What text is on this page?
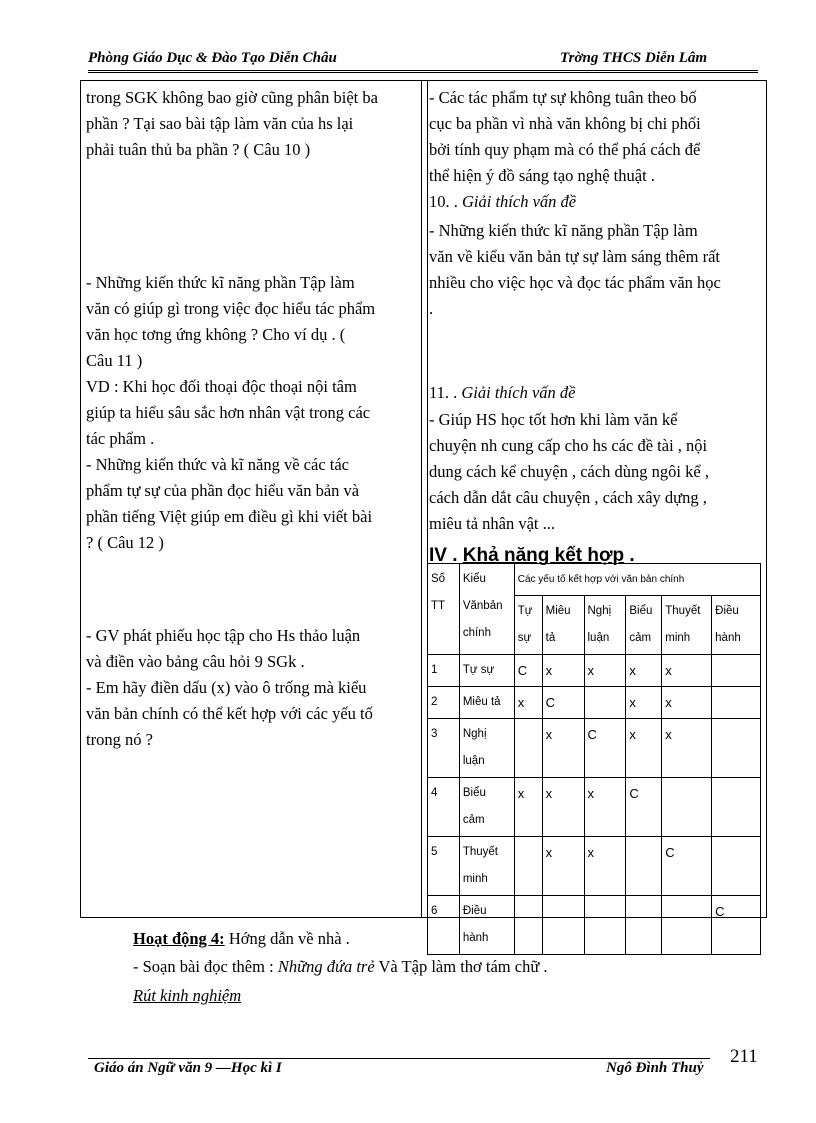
Phòng Giáo Dục & Đào Tạo Diễn Châu	Trờng THCS Diễn Lâm
trong SGK không bao giờ cũng phân biệt ba
phần ? Tại sao bài tập làm văn của hs lại
phải tuân thủ ba phần ? ( Câu 10 )
- Những kiến thức kĩ năng phần Tập làm
văn có giúp gì trong việc đọc hiểu tác phẩm
văn học tơng ứng không ? Cho ví dụ . (
Câu 11 )
VD : Khi học đối thoại độc thoại nội tâm
giúp ta hiểu sâu sắc hơn nhân vật trong các
tác phẩm .
- Những kiến thức và kĩ năng về các tác
phẩm tự sự của phần đọc hiểu văn bản và
phần tiếng Việt giúp em điều gì khi viết bài
? ( Câu 12 )
- GV phát phiếu học tập cho Hs thảo luận
và điền vào bảng câu hỏi 9 SGk .
- Em hãy điền dấu (x) vào ô trống mà kiểu
văn bản chính có thể kết hợp với các yếu tố
trong nó ?
- Các tác phẩm tự sự không tuân theo bố
cục ba phần vì nhà văn không bị chi phối
bởi tính quy phạm mà có thể phá cách để
thể hiện ý đồ sáng tạo nghệ thuật .
10. . Giải thích vấn đề
- Những kiến thức kĩ năng phần Tập làm
văn về kiểu văn bản tự sự làm sáng thêm rất
nhiều cho việc học và đọc tác phẩm văn học
.
11. . Giải thích vấn đề
- Giúp HS học tốt hơn khi làm văn kể
chuyện nh cung cấp cho hs các đề tài , nội
dung cách kể chuyện , cách dùng ngôi kể ,
cách dẫn dắt câu chuyện , cách xây dựng ,
miêu tả nhân vật ...
IV . Khả năng kết hợp .
Số TT	Kiểu Vănbản chính	Các yếu tố kết hợp với văn bản chính					
		Tự sự	Miêu tả	Nghị luận	Biểu cảm	Thuyết minh	Điều hành
1	Tự sự	C	x	x	x	x	
2	Miêu tả	x	C		x	x	
3	Nghị luận		x	C	x	x	
4	Biểu cảm	x	x	x	C		
5	Thuyết minh		x	x		C	
6	Điều hành						C
Hoạt động 4: Hớng dẫn về nhà .
- Soạn bài đọc thêm : Những đứa trẻ Và Tập làm thơ tám chữ .
Rút kinh nghiệm
Giáo án Ngữ văn 9 —Học kì I	Ngô Đình Thuỷ
211
